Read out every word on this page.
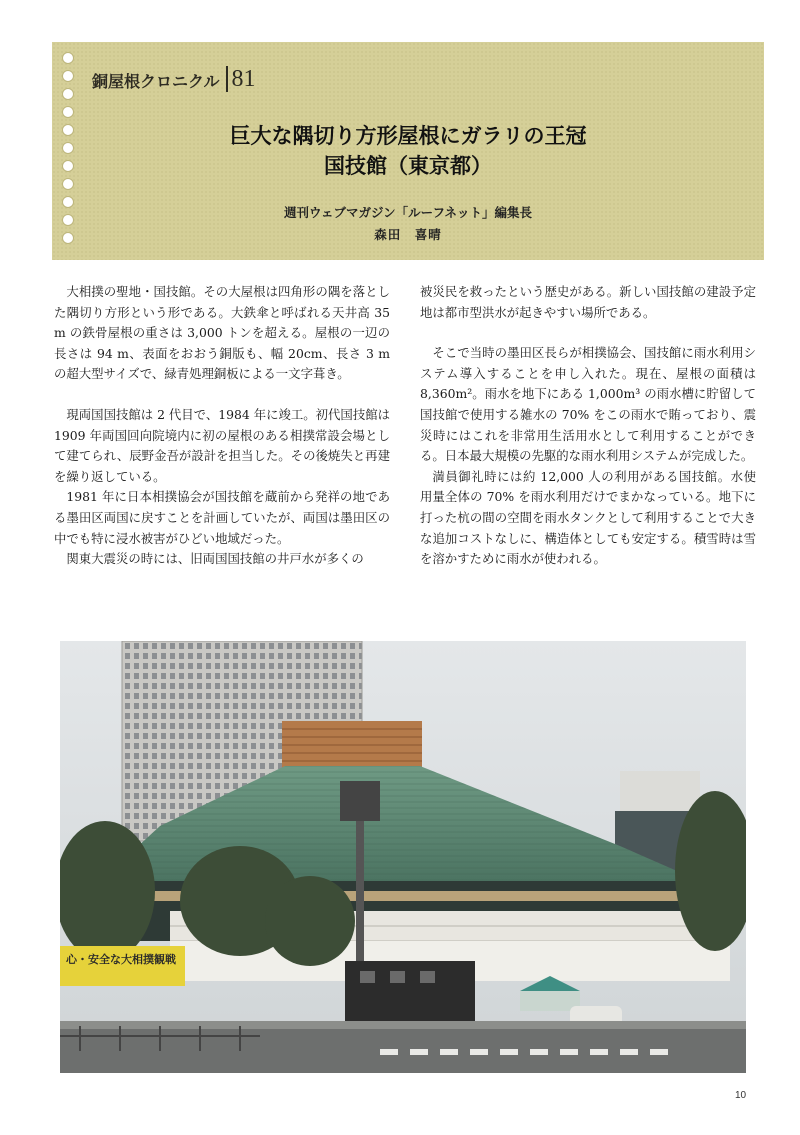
銅屋根クロニクル 81
巨大な隅切り方形屋根にガラリの王冠
国技館（東京都）
週刊ウェブマガジン「ルーフネット」編集長
森田　喜晴

大相撲の聖地・国技館。その大屋根は四角形の隅を落とした隅切り方形という形である。大鉄傘と呼ばれる天井高 35 m の鉄骨屋根の重さは 3,000 トンを超える。屋根の一辺の長さは 94 m、表面をおおう銅版も、幅 20cm、長さ 3 m の超大型サイズで、緑青処理銅板による一文字葺き。

現両国国技館は 2 代目で、1984 年に竣工。初代国技館は 1909 年両国回向院境内に初の屋根のある相撲常設会場として建てられ、辰野金吾が設計を担当した。その後焼失と再建を繰り返している。

1981 年に日本相撲協会が国技館を蔵前から発祥の地である墨田区両国に戻すことを計画していたが、両国は墨田区の中でも特に浸水被害がひどい地域だった。

関東大震災の時には、旧両国国技館の井戸水が多くの

被災民を救ったという歴史がある。新しい国技館の建設予定地は都市型洪水が起きやすい場所である。

そこで当時の墨田区長らが相撲協会、国技館に雨水利用システム導入することを申し入れた。現在、屋根の面積は 8,360m²。雨水を地下にある 1,000m³ の雨水槽に貯留して国技館で使用する雑水の 70% をこの雨水で賄っており、震災時にはこれを非常用生活用水として利用することができる。日本最大規模の先駆的な雨水利用システムが完成した。

満員御礼時には約 12,000 人の利用がある国技館。水使用量全体の 70% を雨水利用だけでまかなっている。地下に打った杭の間の空間を雨水タンクとして利用することで大きな追加コストなしに、構造体としても安定する。積雪時は雪を溶かすために雨水が使われる。

心・安全な大相撲観戦
10
